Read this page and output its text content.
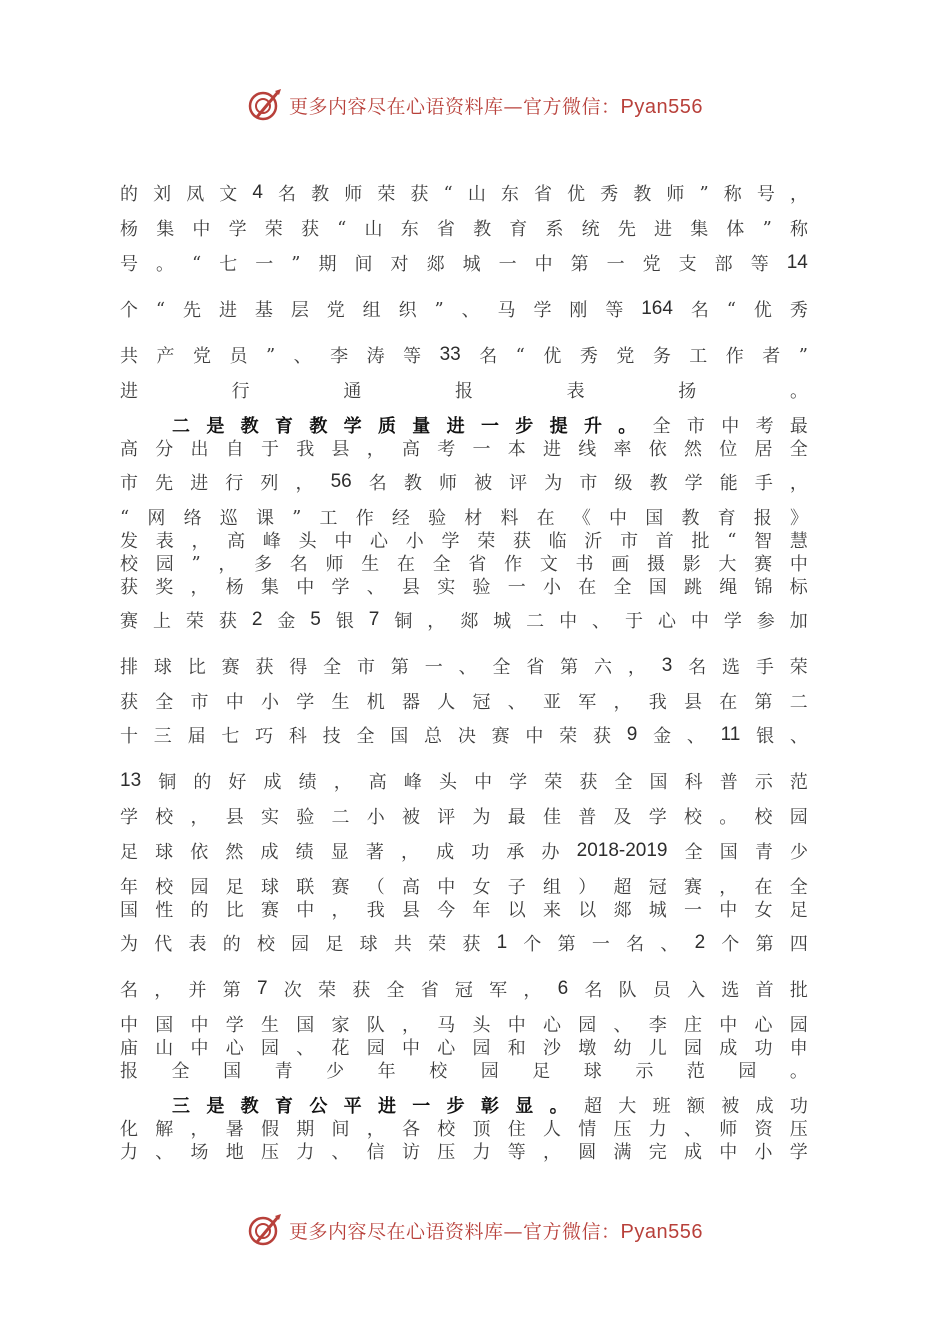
更多内容尽在心语资料库—官方微信：Pyan556
的 刘 凤 文 4 名 教 师 荣 获 “ 山 东 省 优 秀 教 师 ” 称 号 ，
杨 集 中 学 荣 获 “ 山 东 省 教 育 系 统 先 进 集 体 ” 称
号 。 “ 七 一 ” 期 间 对 郯 城 一 中 第 一 党 支 部 等 14
个 “ 先 进 基 层 党 组 织 ” 、 马 学 刚 等 164 名 “ 优 秀
共 产 党 员 ” 、 李 涛 等 33 名 “ 优 秀 党 务 工 作 者 ”
进	行	通	报	表	扬	。
二 是 教 育 教 学 质 量 进 一 步 提 升 。 全 市 中 考 最
高 分 出 自 于 我 县 ， 高 考 一 本 进 线 率 依 然 位 居 全
市 先 进 行 列 ， 56 名 教 师 被 评 为 市 级 教 学 能 手 ，
“ 网 络 巡 课 ” 工 作 经 验 材 料 在 《 中 国 教 育 报 》
发 表 ， 高 峰 头 中 心 小 学 荣 获 临 沂 市 首 批 “ 智 慧
校 园 ” ， 多 名 师 生 在 全 省 作 文 书 画 摄 影 大 赛 中
获 奖 ， 杨 集 中 学 、 县 实 验 一 小 在 全 国 跳 绳 锦 标
赛 上 荣 获 2 金 5 银 7 铜 ， 郯 城 二 中 、 于 心 中 学 参 加
排 球 比 赛 获 得 全 市 第 一 、 全 省 第 六 ， 3 名 选 手 荣
获 全 市 中 小 学 生 机 器 人 冠 、 亚 军 ， 我 县 在 第 二
十 三 届 七 巧 科 技 全 国 总 决 赛 中 荣 获 9 金 、 11 银 、
13 铜 的 好 成 绩 ， 高 峰 头 中 学 荣 获 全 国 科 普 示 范
学 校 ， 县 实 验 二 小 被 评 为 最 佳 普 及 学 校 。 校 园
足 球 依 然 成 绩 显 著 ， 成 功 承 办 2018-2019 全 国 青 少
年 校 园 足 球 联 赛 （ 高 中 女 子 组 ） 超 冠 赛 ， 在 全
国 性 的 比 赛 中 ， 我 县 今 年 以 来 以 郯 城 一 中 女 足
为 代 表 的 校 园 足 球 共 荣 获 1 个 第 一 名 、 2 个 第 四
名 ， 并 第 7 次 荣 获 全 省 冠 军 ， 6 名 队 员 入 选 首 批
中 国 中 学 生 国 家 队 ， 马 头 中 心 园 、 李 庄 中 心 园
庙 山 中 心 园 、 花 园 中 心 园 和 沙 墩 幼 儿 园 成 功 申
报 全 国 青 少 年 校 园 足 球 示 范 园 。
三 是 教 育 公 平 进 一 步 彰 显 。 超 大 班 额 被 成 功
化 解 ， 暑 假 期 间 ， 各 校 顶 住 人 情 压 力 、 师 资 压
力 、 场 地 压 力 、 信 访 压 力 等 ， 圆 满 完 成 中 小 学
更多内容尽在心语资料库—官方微信：Pyan556
